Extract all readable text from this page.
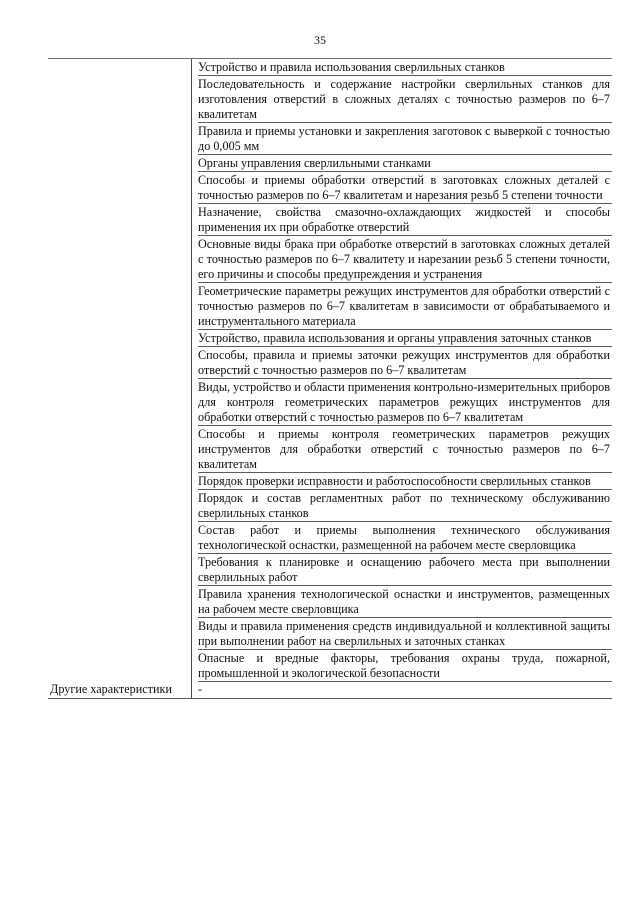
35
Устройство и правила использования сверлильных станков
Последовательность и содержание настройки сверлильных станков для изготовления отверстий в сложных деталях с точностью размеров по 6–7 квалитетам
Правила и приемы установки и закрепления заготовок с выверкой с точностью до 0,005 мм
Органы управления сверлильными станками
Способы и приемы обработки отверстий в заготовках сложных деталей с точностью размеров по 6–7 квалитетам и нарезания резьб 5 степени точности
Назначение, свойства смазочно-охлаждающих жидкостей и способы применения их при обработке отверстий
Основные виды брака при обработке отверстий в заготовках сложных деталей с точностью размеров по 6–7 квалитету и нарезании резьб 5 степени точности, его причины и способы предупреждения и устранения
Геометрические параметры режущих инструментов для обработки отверстий с точностью размеров по 6–7 квалитетам в зависимости от обрабатываемого и инструментального материала
Устройство, правила использования и органы управления заточных станков
Способы, правила и приемы заточки режущих инструментов для обработки отверстий с точностью размеров по 6–7 квалитетам
Виды, устройство и области применения контрольно-измерительных приборов для контроля геометрических параметров режущих инструментов для обработки отверстий с точностью размеров по 6–7 квалитетам
Способы и приемы контроля геометрических параметров режущих инструментов для обработки отверстий с точностью размеров по 6–7 квалитетам
Порядок проверки исправности и работоспособности сверлильных станков
Порядок и состав регламентных работ по техническому обслуживанию сверлильных станков
Состав работ и приемы выполнения технического обслуживания технологической оснастки, размещенной на рабочем месте сверловщика
Требования к планировке и оснащению рабочего места при выполнении сверлильных работ
Правила хранения технологической оснастки и инструментов, размещенных на рабочем месте сверловщика
Виды и правила применения средств индивидуальной и коллективной защиты при выполнении работ на сверлильных и заточных станках
Опасные и вредные факторы, требования охраны труда, пожарной, промышленной и экологической безопасности
Другие характеристики	-
